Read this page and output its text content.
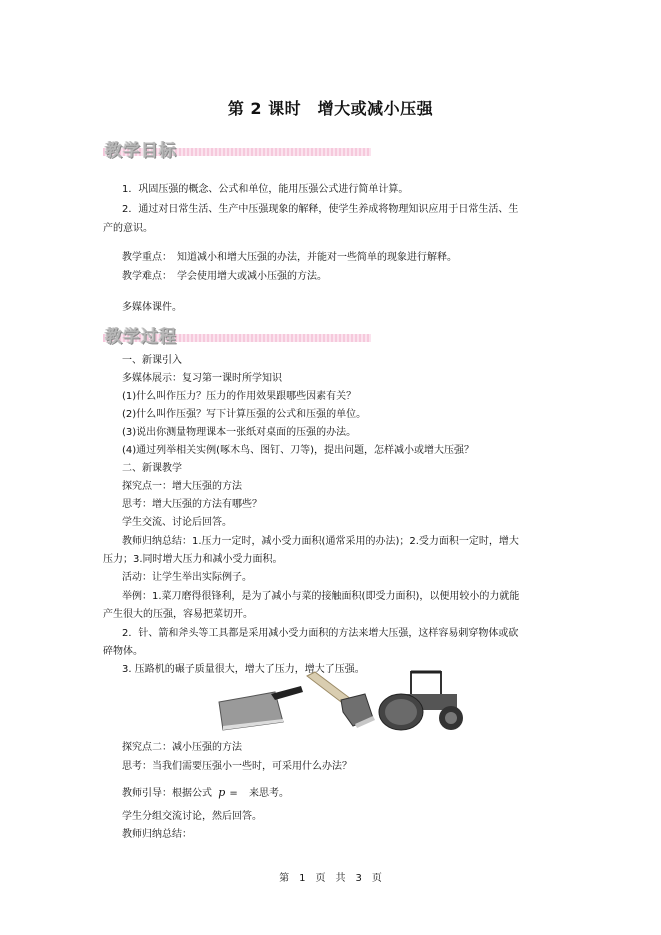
第 2 课时　增大或减小压强
教学目标
1．巩固压强的概念、公式和单位，能用压强公式进行简单计算。
2．通过对日常生活、生产中压强现象的解释，使学生养成将物理知识应用于日常生活、生
产的意识。
教学重点：　知道减小和增大压强的办法，并能对一些简单的现象进行解释。
教学难点：　学会使用增大或减小压强的方法。
多媒体课件。
教学过程
一、新课引入
多媒体展示：复习第一课时所学知识
(1)什么叫作压力？压力的作用效果跟哪些因素有关？
(2)什么叫作压强？写下计算压强的公式和压强的单位。
(3)说出你测量物理课本一张纸对桌面的压强的办法。
(4)通过列举相关实例(啄木鸟、图钉、刀等)，提出问题，怎样减小或增大压强？
二、新课教学
探究点一：增大压强的方法
思考：增大压强的方法有哪些？
学生交流、讨论后回答。
教师归纳总结：1.压力一定时，减小受力面积(通常采用的办法)；2.受力面积一定时，增大
压力；3.同时增大压力和减小受力面积。
活动：让学生举出实际例子。
举例：1.菜刀磨得很锋利，是为了减小与菜的接触面积(即受力面积)，以便用较小的力就能
产生很大的压强，容易把菜切开。
2．针、箭和斧头等工具都是采用减小受力面积的方法来增大压强，这样容易刺穿物体或砍
碎物体。
3. 压路机的碾子质量很大，增大了压力，增大了压强。
探究点二：减小压强的方法
思考：当我们需要压强小一些时，可采用什么办法？
教师引导：根据公式 p = 来思考。
学生分组交流讨论，然后回答。
教师归纳总结：
第　1　页　共　3　页
